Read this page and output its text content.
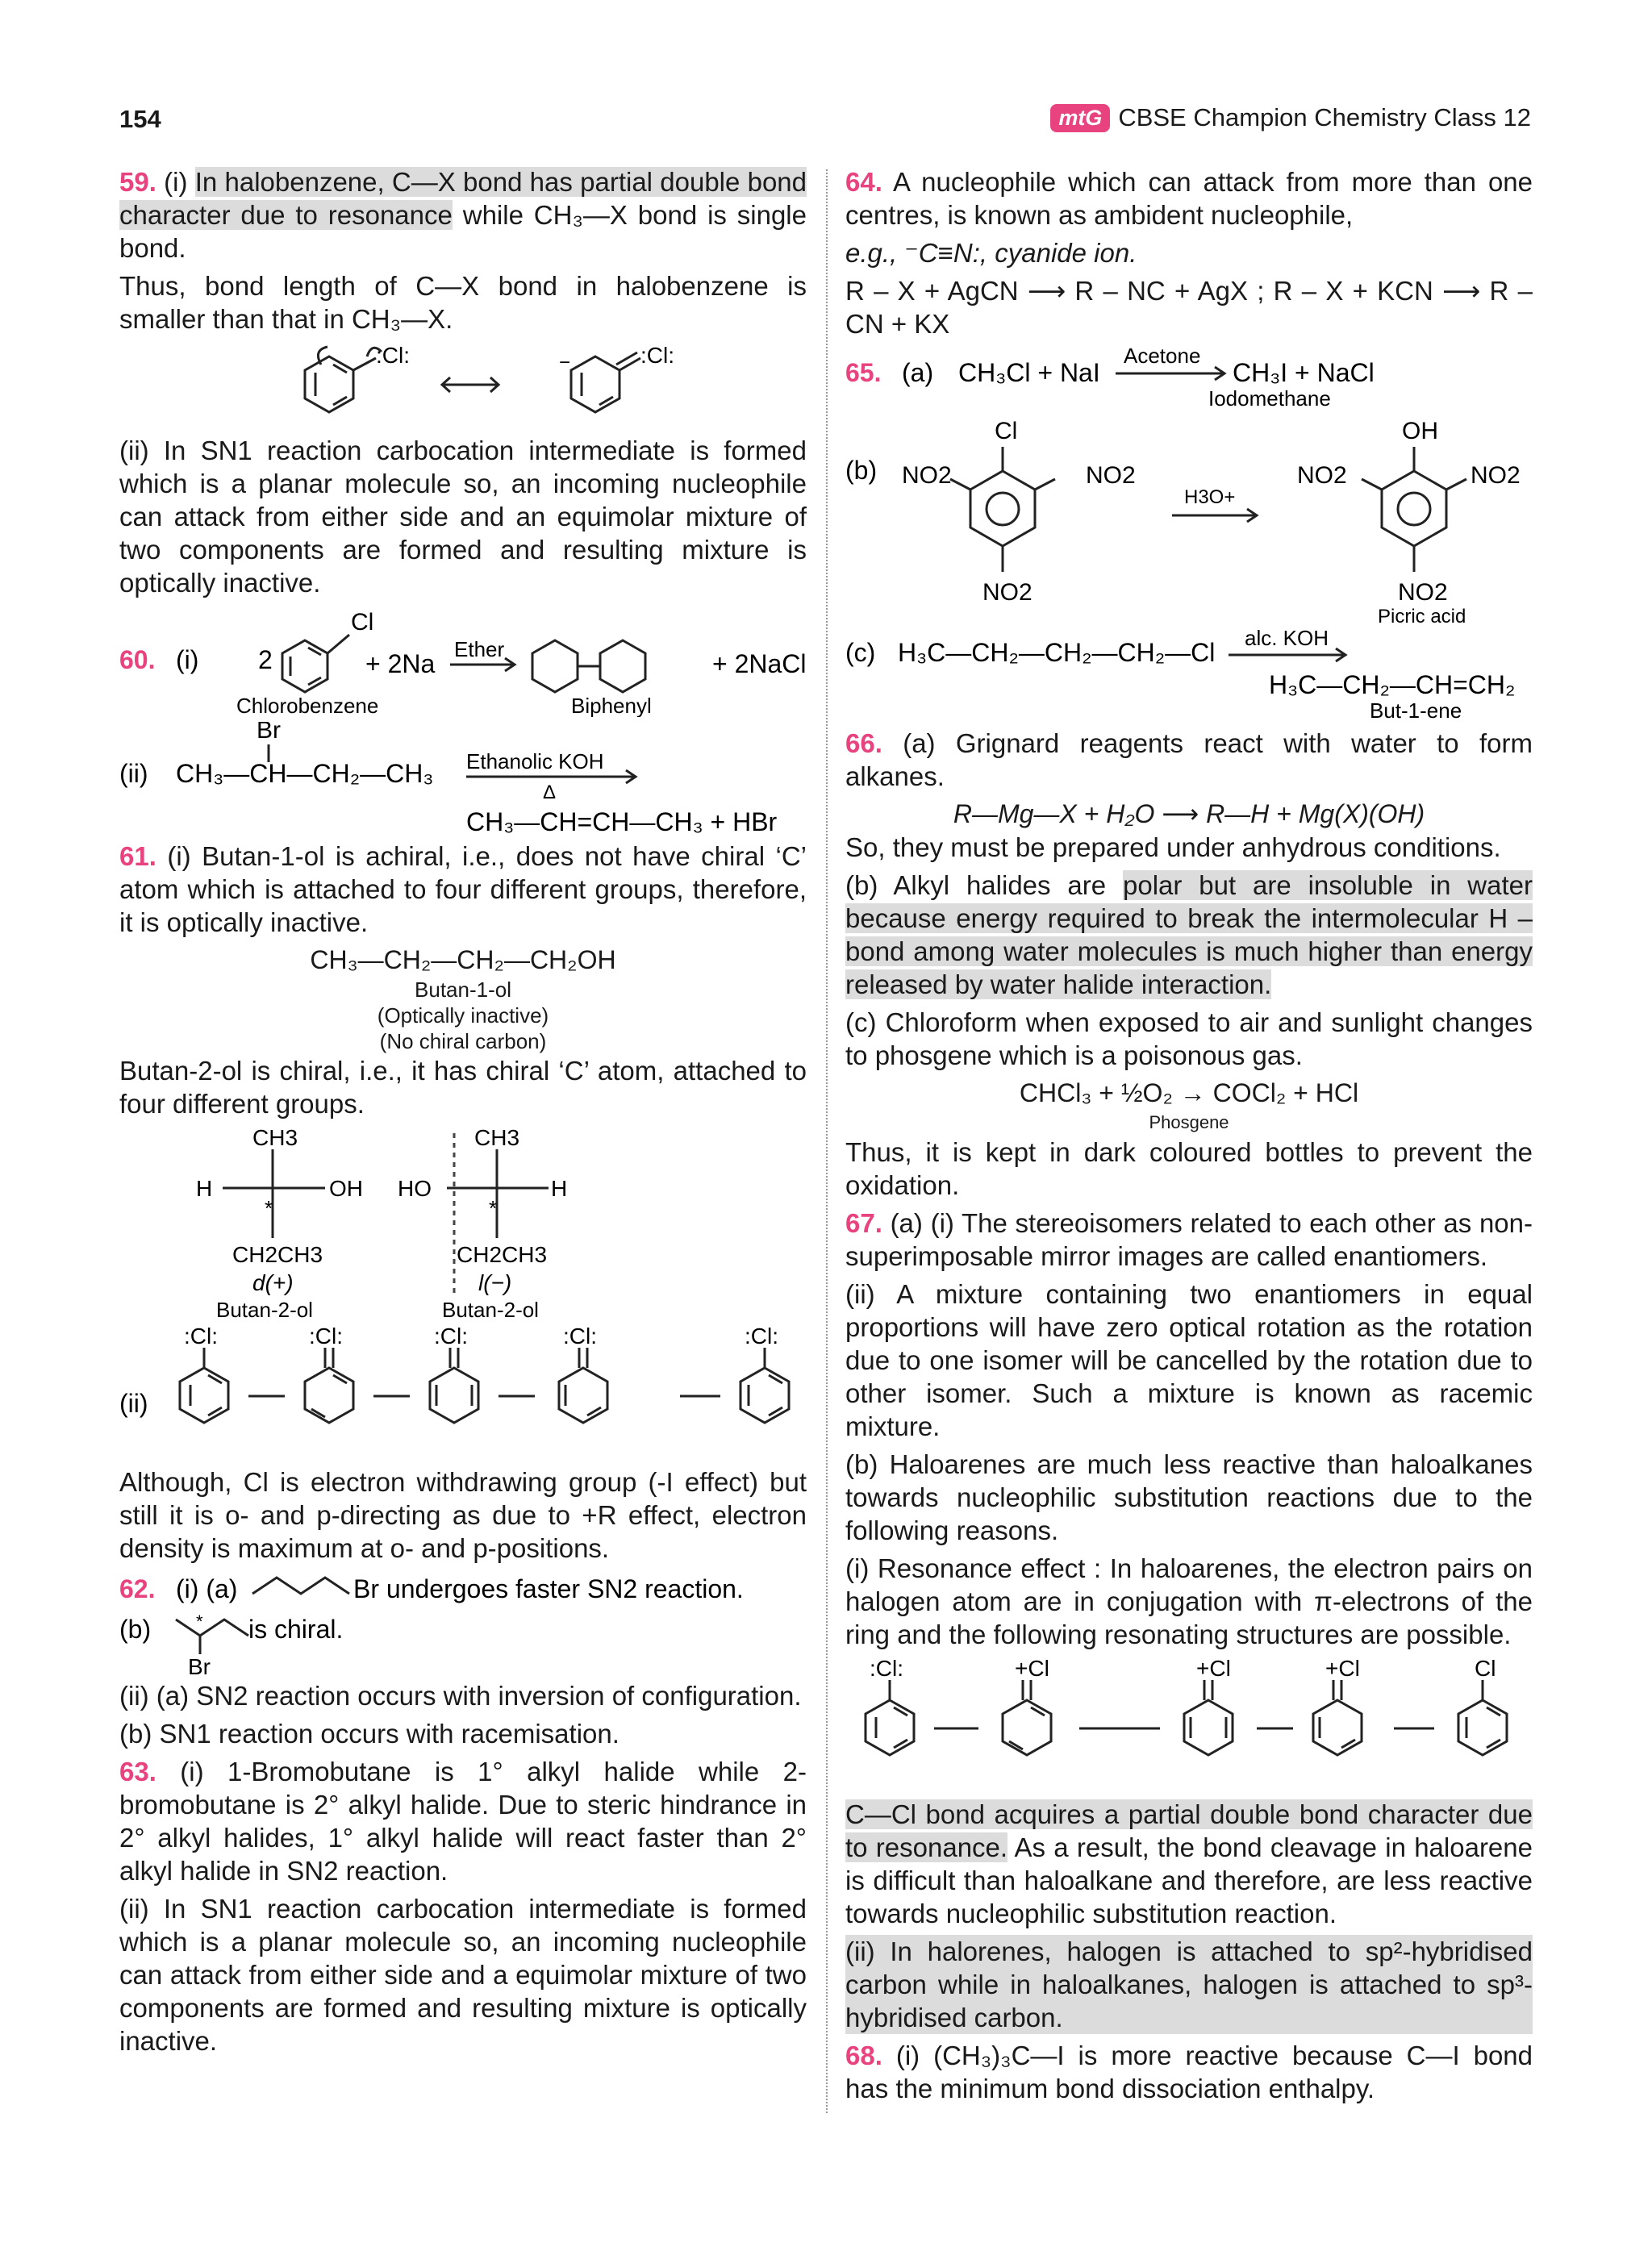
154	mtG CBSE Champion Chemistry Class 12

59. (i) In halobenzene, C—X bond has partial double bond character due to resonance while CH₃—X bond is single bond.

Thus, bond length of C—X bond in halobenzene is smaller than that in CH₃—X.

:Cl:	:Cl:
−

(ii) In SN1 reaction carbocation intermediate is formed which is a planar molecule so, an incoming nucleophile can attack from either side and an equimolar mixture of two components are formed and resulting mixture is optically inactive.

60. (i) 2
Cl
+ 2Na Ether	+ 2NaCl
Chlorobenzene	Biphenyl
(ii)
Br
CH₃—CH—CH₂—CH₃ Ethanolic KOH
Δ
CH₃—CH=CH—CH₃ + HBr

61. (i) Butan-1-ol is achiral, i.e., does not have chiral ‘C’ atom which is attached to four different groups, therefore, it is optically inactive.

CH₃—CH₂—CH₂—CH₂OH
Butan-1-ol
(Optically inactive)
(No chiral carbon)

Butan-2-ol is chiral, i.e., it has chiral ‘C’ atom, attached to four different groups.

CH3
H	OH
*
CH2CH3
d(+)
Butan-2-ol
CH3
HO	H
*
CH2CH3
l(−)
Butan-2-ol
(ii)
:Cl:	:Cl:	:Cl:	:Cl:	:Cl:

Although, Cl is electron withdrawing group (-I effect) but still it is o- and p-directing as due to +R effect, electron density is maximum at o- and p-positions.

62. (i) (a)	Br undergoes faster SN2 reaction.
(b)	* is chiral.
Br

(ii) (a) SN2 reaction occurs with inversion of configuration.

(b) SN1 reaction occurs with racemisation.

63. (i) 1-Bromobutane is 1° alkyl halide while 2-bromobutane is 2° alkyl halide. Due to steric hindrance in 2° alkyl halides, 1° alkyl halide will react faster than 2° alkyl halide in SN2 reaction.

(ii) In SN1 reaction carbocation intermediate is formed which is a planar molecule so, an incoming nucleophile can attack from either side and a equimolar mixture of two components are formed and resulting mixture is optically inactive.

64. A nucleophile which can attack from more than one centres, is known as ambident nucleophile,

e.g., ⁻C≡N:, cyanide ion.

R – X + AgCN ⟶ R – NC + AgX ; R – X + KCN ⟶ R – CN + KX

65. (a) CH₃Cl + NaI
Acetone
CH₃I + NaCl
Iodomethane
(b)
Cl
NO2	NO2
NO2
H3O+
OH
NO2	NO2
NO2
Picric acid
(c) H₃C—CH₂—CH₂—CH₂—Cl alc. KOH
H₃C—CH₂—CH=CH₂
But-1-ene

66. (a) Grignard reagents react with water to form alkanes.

R—Mg—X + H₂O ⟶ R—H + Mg(X)(OH)

So, they must be prepared under anhydrous conditions.

(b) Alkyl halides are polar but are insoluble in water because energy required to break the intermolecular H – bond among water molecules is much higher than energy released by water halide interaction.

(c) Chloroform when exposed to air and sunlight changes to phosgene which is a poisonous gas.

CHCl₃ + ½O₂ → COCl₂ + HCl
Phosgene

Thus, it is kept in dark coloured bottles to prevent the oxidation.

67. (a) (i) The stereoisomers related to each other as non-superimposable mirror images are called enantiomers.

(ii) A mixture containing two enantiomers in equal proportions will have zero optical rotation as the rotation due to one isomer will be cancelled by the rotation due to other isomer. Such a mixture is known as racemic mixture.

(b) Haloarenes are much less reactive than haloalkanes towards nucleophilic substitution reactions due to the following reasons.

(i) Resonance effect : In haloarenes, the electron pairs on halogen atom are in conjugation with π-electrons of the ring and the following resonating structures are possible.

:Cl:	+Cl	+Cl	+Cl	Cl

C—Cl bond acquires a partial double bond character due to resonance. As a result, the bond cleavage in haloarene is difficult than haloalkane and therefore, are less reactive towards nucleophilic substitution reaction.

(ii) In halorenes, halogen is attached to sp²-hybridised carbon while in haloalkanes, halogen is attached to sp³-hybridised carbon.

68. (i) (CH₃)₃C—I is more reactive because C—I bond has the minimum bond dissociation enthalpy.
